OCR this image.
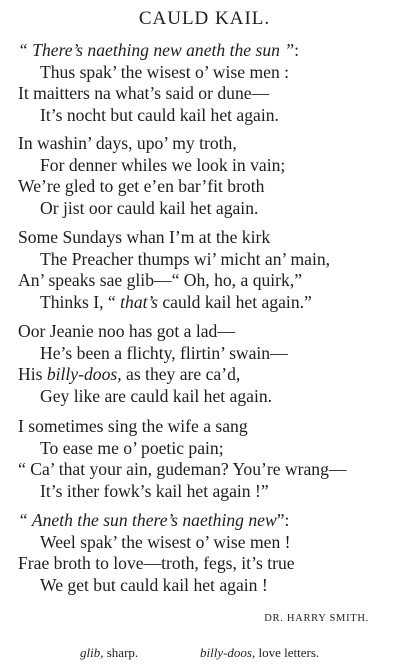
CAULD KAIL.
“ There’s naething new aneth the sun ”:
Thus spak’ the wisest o’ wise men :
It maitters na what’s said or dune—
It’s nocht but cauld kail het again.
In washin’ days, upo’ my troth,
For denner whiles we look in vain;
We’re gled to get e’en bar’fit broth
Or jist oor cauld kail het again.
Some Sundays whan I’m at the kirk
The Preacher thumps wi’ micht an’ main,
An’ speaks sae glib—“ Oh, ho, a quirk,”
Thinks I, “ that’s cauld kail het again.”
Oor Jeanie noo has got a lad—
He’s been a flichty, flirtin’ swain—
His billy-doos, as they are ca’d,
Gey like are cauld kail het again.
I sometimes sing the wife a sang
To ease me o’ poetic pain;
“ Ca’ that your ain, gudeman? You’re wrang—
It’s ither fowk’s kail het again !”
“ Aneth the sun there’s naething new”:
Weel spak’ the wisest o’ wise men !
Frae broth to love—troth, fegs, it’s true
We get but cauld kail het again !
DR. HARRY SMITH.
glib, sharp.	billy-doos, love letters.
